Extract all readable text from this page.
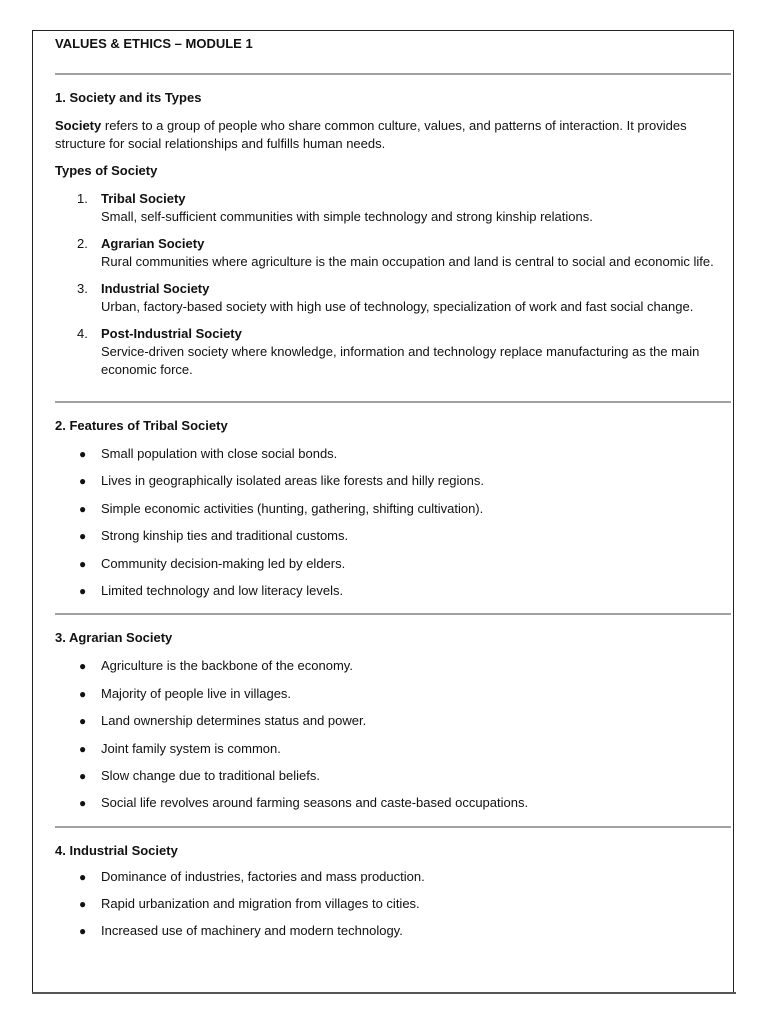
VALUES & ETHICS – MODULE 1
1. Society and its Types

Society refers to a group of people who share common culture, values, and patterns of interaction. It provides structure for social relationships and fulfills human needs.

Types of Society
1. Tribal Society
Small, self-sufficient communities with simple technology and strong kinship relations.
2. Agrarian Society
Rural communities where agriculture is the main occupation and land is central to social and economic life.
3. Industrial Society
Urban, factory-based society with high use of technology, specialization of work and fast social change.
4. Post-Industrial Society
Service-driven society where knowledge, information and technology replace manufacturing as the main economic force.
2. Features of Tribal Society
● Small population with close social bonds.
● Lives in geographically isolated areas like forests and hilly regions.
● Simple economic activities (hunting, gathering, shifting cultivation).
● Strong kinship ties and traditional customs.
● Community decision-making led by elders.
● Limited technology and low literacy levels.
3. Agrarian Society
● Agriculture is the backbone of the economy.
● Majority of people live in villages.
● Land ownership determines status and power.
● Joint family system is common.
● Slow change due to traditional beliefs.
● Social life revolves around farming seasons and caste-based occupations.
4. Industrial Society
● Dominance of industries, factories and mass production.
● Rapid urbanization and migration from villages to cities.
● Increased use of machinery and modern technology.
